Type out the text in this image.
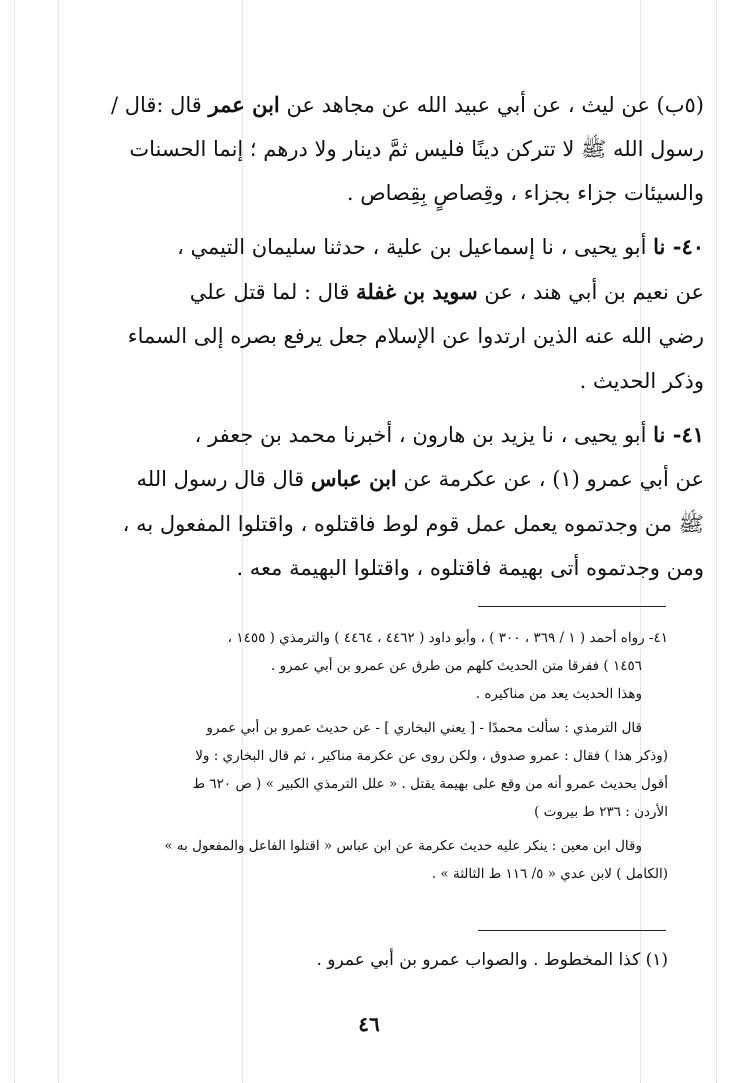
(٥ب) عن ليث ، عن أبي عبيد الله عن مجاهد عن ابن عمر قال :قال /
رسول الله ﷺ لا تتركن دينًا فليس ثمَّ دينار ولا درهم ؛ إنما الحسنات
والسيئات جزاء بجزاء ، وقِصاصٍ بِقِصاص .
٤٠- نا أبو يحيى ، نا إسماعيل بن علية ، حدثنا سليمان التيمي ،
عن نعيم بن أبي هند ، عن سويد بن غفلة قال : لما قتل علي
رضي الله عنه الذين ارتدوا عن الإسلام جعل يرفع بصره إلى السماء
وذكر الحديث .
٤١- نا أبو يحيى ، نا يزيد بن هارون ، أخبرنا محمد بن جعفر ،
عن أبي عمرو (١) ، عن عكرمة عن ابن عباس قال قال رسول الله
ﷺ من وجدتموه يعمل عمل قوم لوط فاقتلوه ، واقتلوا المفعول به ،
ومن وجدتموه أتى بهيمة فاقتلوه ، واقتلوا البهيمة معه .
٤١- رواه أحمد ( ١ / ٣٦٩ ، ٣٠٠ ) ، وأبو داود ( ٤٤٦٢ ، ٤٤٦٤ ) والترمذي ( ١٤٥٥ ،
١٤٥٦ ) ففرقا متن الحديث كلهم من طرق عن عمرو بن أبي عمرو .
وهذا الحديث يعد من مناكيره .
قال الترمذي : سألت محمدًا - [ يعني البخاري ] - عن حديث عمرو بن أبي عمرو
(وذكر هذا ) فقال : عمرو صدوق ، ولكن روى عن عكرمة مناكير ، ثم قال البخاري : ولا
أقول بحديث عمرو أنه من وقع على بهيمة يقتل . « علل الترمذي الكبير » ( ص ٦٢٠ ط
الأردن : ٢٣٦ ط بيروت )
وقال ابن معين : ينكر عليه حديث عكرمة عن ابن عباس « اقتلوا الفاعل والمفعول به »
(الكامل ) لابن عدي « ٥/ ١١٦ ط الثالثة » .
(١) كذا المخطوط . والصواب عمرو بن أبي عمرو .
٤٦
